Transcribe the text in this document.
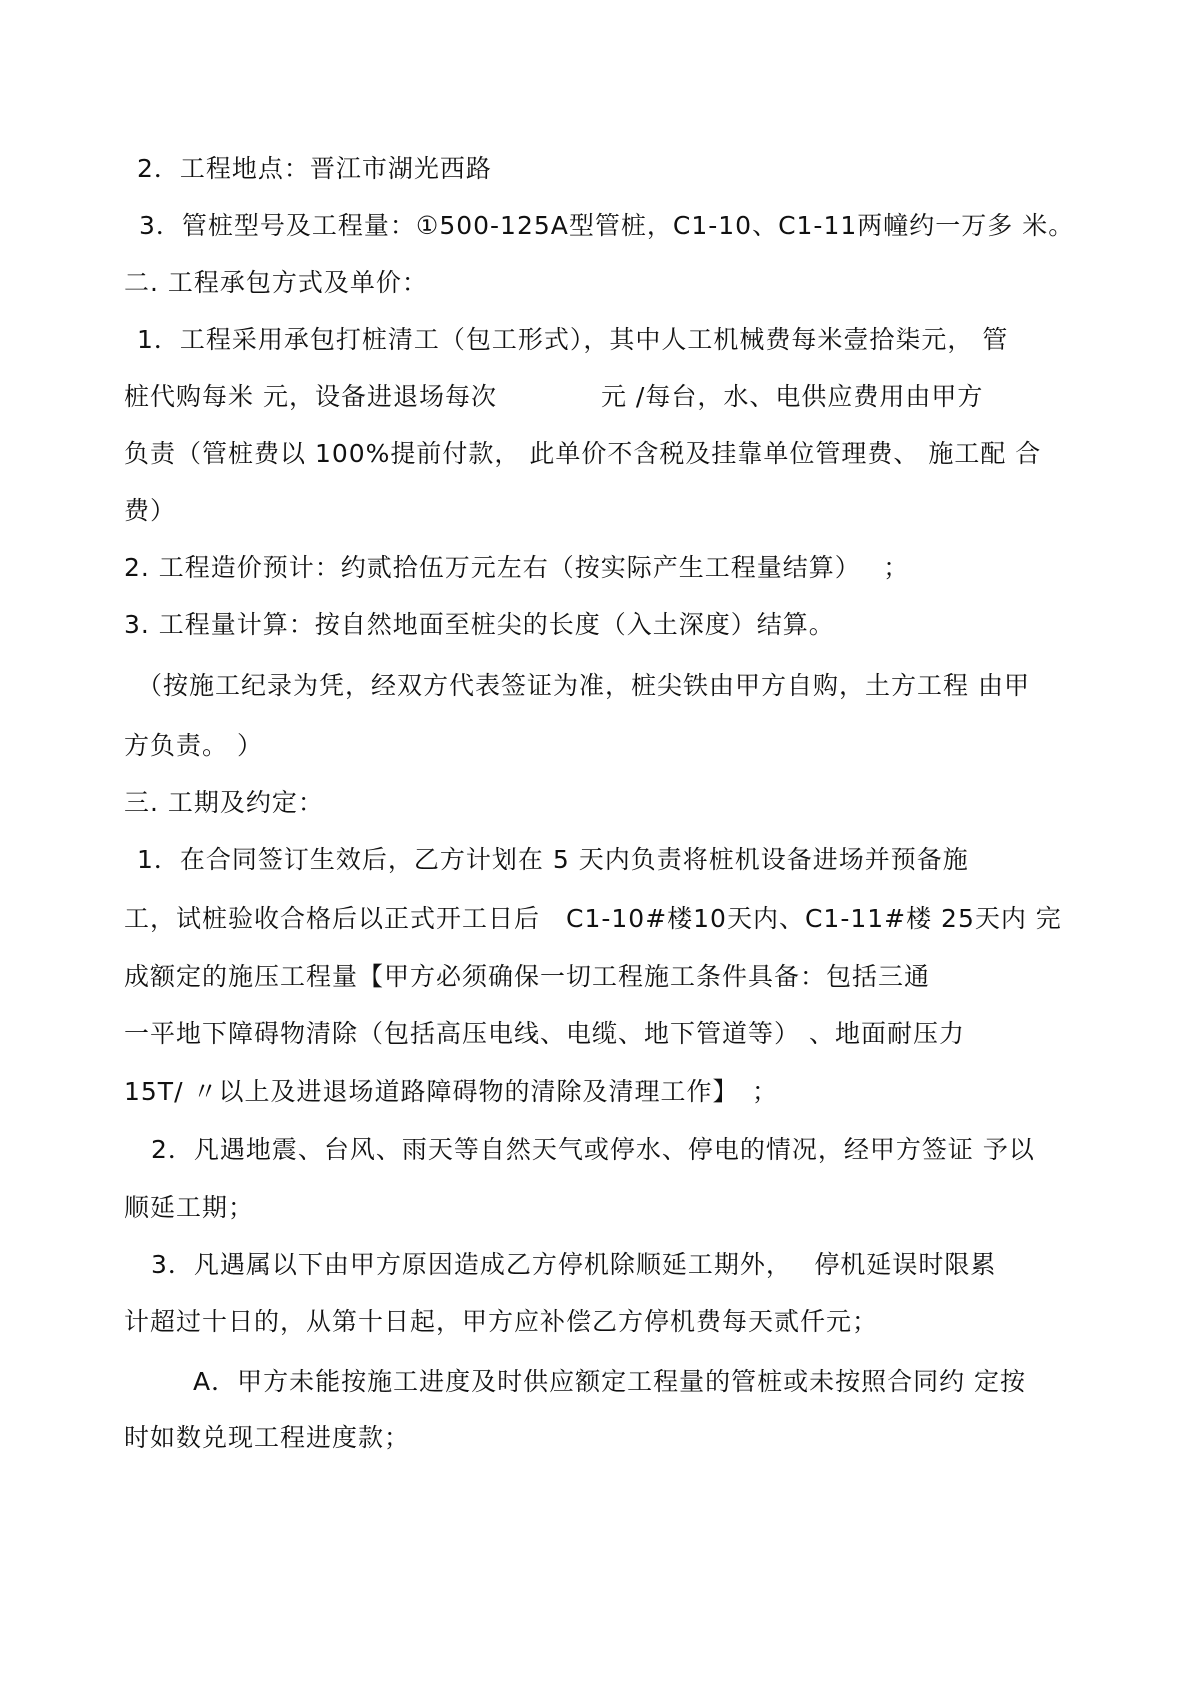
2．工程地点：晋江市湖光西路

3．管桩型号及工程量：①500-125A型管桩，C1-10、C1-11两幢约一万多 米。

二. 工程承包方式及单价：

1．工程采用承包打桩清工（包工形式），其中人工机械费每米壹拾柒元， 管

桩代购每米 元，设备进退场每次　　　　元 /每台，水、电供应费用由甲方

负责（管桩费以 100%提前付款， 此单价不含税及挂靠单位管理费、 施工配 合

费）

2. 工程造价预计：约贰拾伍万元左右（按实际产生工程量结算）　 ；

3. 工程量计算：按自然地面至桩尖的长度（入土深度）结算。

（按施工纪录为凭，经双方代表签证为准，桩尖铁由甲方自购，土方工程 由甲

方负责。 ）

三. 工期及约定：

1．在合同签订生效后，乙方计划在 5 天内负责将桩机设备进场并预备施

工，试桩验收合格后以正式开工日后　C1-10#楼10天内、C1-11#楼 25天内 完

成额定的施压工程量【甲方必须确保一切工程施工条件具备：包括三通

一平地下障碍物清除（包括高压电线、电缆、地下管道等） 、地面耐压力

15T/ 〃以上及进退场道路障碍物的清除及清理工作】　；

2．凡遇地震、台风、雨天等自然天气或停水、停电的情况，经甲方签证 予以

顺延工期；

3．凡遇属以下由甲方原因造成乙方停机除顺延工期外，　 停机延误时限累

计超过十日的，从第十日起，甲方应补偿乙方停机费每天贰仟元；

A．甲方未能按施工进度及时供应额定工程量的管桩或未按照合同约 定按

时如数兑现工程进度款；
